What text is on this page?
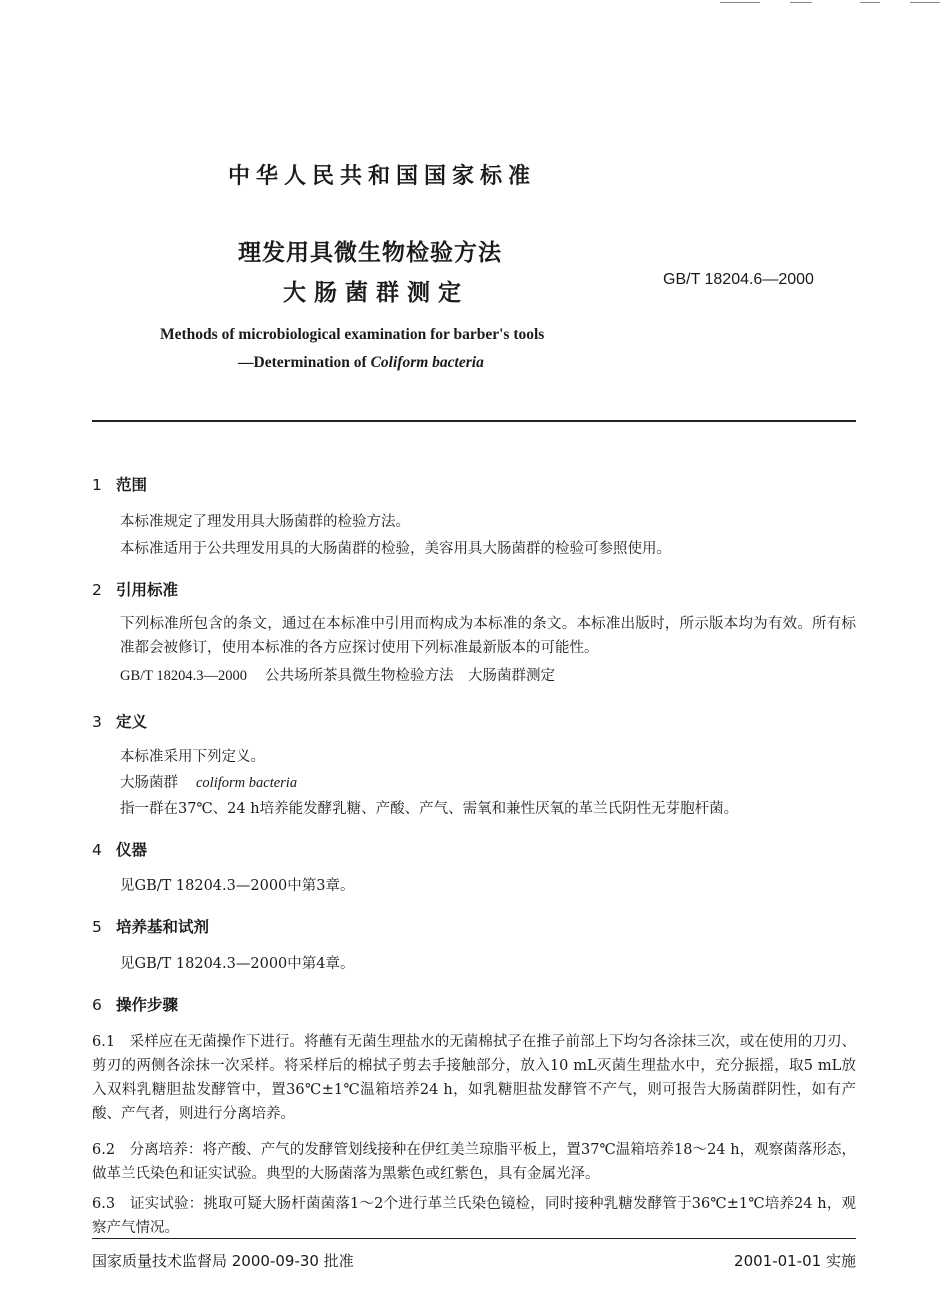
中华人民共和国国家标准
理发用具微生物检验方法
大肠菌群测定
GB/T 18204.6—2000
Methods of microbiological examination for barber's tools
—Determination of Coliform bacteria
1 范围
本标准规定了理发用具大肠菌群的检验方法。
本标准适用于公共理发用具的大肠菌群的检验，美容用具大肠菌群的检验可参照使用。
2 引用标准
下列标准所包含的条文，通过在本标准中引用而构成为本标准的条文。本标准出版时，所示版本均为有效。所有标准都会被修订，使用本标准的各方应探讨使用下列标准最新版本的可能性。
GB/T 18204.3—2000 公共场所茶具微生物检验方法　大肠菌群测定
3 定义
本标准采用下列定义。
大肠菌群 coliform bacteria
指一群在37℃、24 h培养能发酵乳糖、产酸、产气、需氧和兼性厌氧的革兰氏阴性无芽胞杆菌。
4 仪器
见GB/T 18204.3—2000中第3章。
5 培养基和试剂
见GB/T 18204.3—2000中第4章。
6 操作步骤
6.1　采样应在无菌操作下进行。将蘸有无菌生理盐水的无菌棉拭子在推子前部上下均匀各涂抹三次，或在使用的刀刃、剪刃的两侧各涂抹一次采样。将采样后的棉拭子剪去手接触部分，放入10 mL灭菌生理盐水中，充分振摇，取5 mL放入双料乳糖胆盐发酵管中，置36℃±1℃温箱培养24 h，如乳糖胆盐发酵管不产气，则可报告大肠菌群阴性，如有产酸、产气者，则进行分离培养。
6.2　分离培养：将产酸、产气的发酵管划线接种在伊红美兰琼脂平板上，置37℃温箱培养18～24 h，观察菌落形态，做革兰氏染色和证实试验。典型的大肠菌落为黑紫色或红紫色，具有金属光泽。
6.3　证实试验：挑取可疑大肠杆菌菌落1～2个进行革兰氏染色镜检，同时接种乳糖发酵管于36℃±1℃培养24 h，观察产气情况。
国家质量技术监督局 2000-09-30 批准	2001-01-01 实施
